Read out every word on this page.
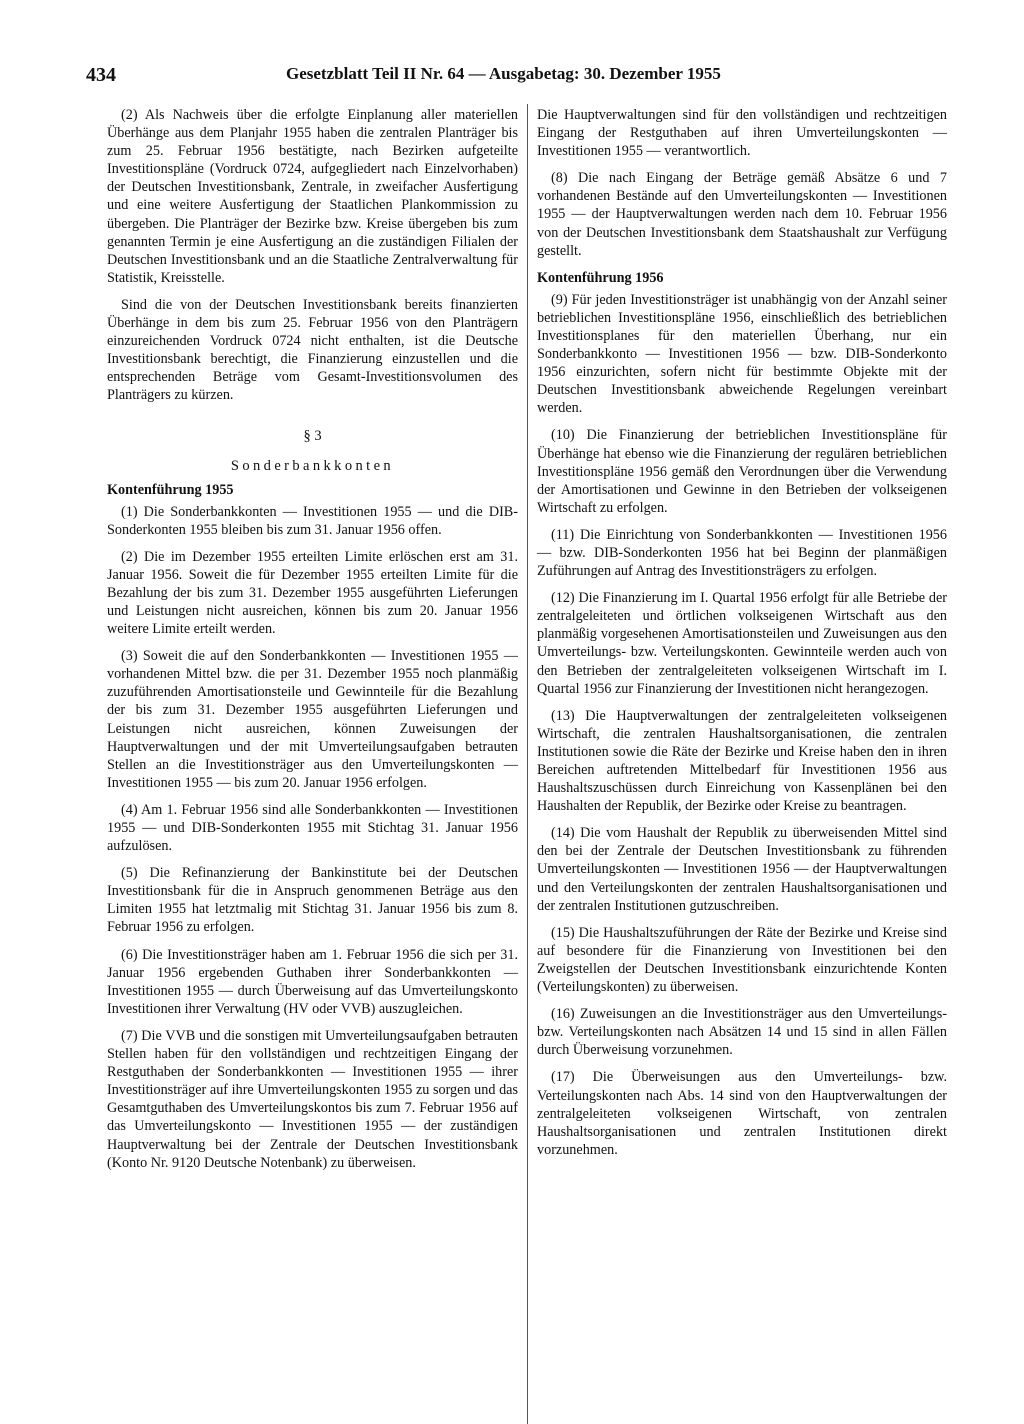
434	Gesetzblatt Teil II Nr. 64 — Ausgabetag: 30. Dezember 1955

(2) Als Nachweis über die erfolgte Einplanung aller materiellen Überhänge aus dem Planjahr 1955 haben die zentralen Planträger bis zum 25. Februar 1956 bestätigte, nach Bezirken aufgeteilte Investitionspläne (Vordruck 0724, aufgegliedert nach Einzelvorhaben) der Deutschen Investitionsbank, Zentrale, in zweifacher Ausfertigung und eine weitere Ausfertigung der Staatlichen Plankommission zu übergeben. Die Planträger der Bezirke bzw. Kreise übergeben bis zum genannten Termin je eine Ausfertigung an die zuständigen Filialen der Deutschen Investitionsbank und an die Staatliche Zentralverwaltung für Statistik, Kreisstelle.

Sind die von der Deutschen Investitionsbank bereits finanzierten Überhänge in dem bis zum 25. Februar 1956 von den Planträgern einzureichenden Vordruck 0724 nicht enthalten, ist die Deutsche Investitionsbank berechtigt, die Finanzierung einzustellen und die entsprechenden Beträge vom Gesamt-Investitionsvolumen des Planträgers zu kürzen.

§ 3
Sonderbankkonten
Kontenführung 1955

(1) Die Sonderbankkonten — Investitionen 1955 — und die DIB-Sonderkonten 1955 bleiben bis zum 31. Januar 1956 offen.

(2) Die im Dezember 1955 erteilten Limite erlöschen erst am 31. Januar 1956. Soweit die für Dezember 1955 erteilten Limite für die Bezahlung der bis zum 31. Dezember 1955 ausgeführten Lieferungen und Leistungen nicht ausreichen, können bis zum 20. Januar 1956 weitere Limite erteilt werden.

(3) Soweit die auf den Sonderbankkonten — Investitionen 1955 — vorhandenen Mittel bzw. die per 31. Dezember 1955 noch planmäßig zuzuführenden Amortisationsteile und Gewinnteile für die Bezahlung der bis zum 31. Dezember 1955 ausgeführten Lieferungen und Leistungen nicht ausreichen, können Zuweisungen der Hauptverwaltungen und der mit Umverteilungsaufgaben betrauten Stellen an die Investitionsträger aus den Umverteilungskonten — Investitionen 1955 — bis zum 20. Januar 1956 erfolgen.

(4) Am 1. Februar 1956 sind alle Sonderbankkonten — Investitionen 1955 — und DIB-Sonderkonten 1955 mit Stichtag 31. Januar 1956 aufzulösen.

(5) Die Refinanzierung der Bankinstitute bei der Deutschen Investitionsbank für die in Anspruch genommenen Beträge aus den Limiten 1955 hat letztmalig mit Stichtag 31. Januar 1956 bis zum 8. Februar 1956 zu erfolgen.

(6) Die Investitionsträger haben am 1. Februar 1956 die sich per 31. Januar 1956 ergebenden Guthaben ihrer Sonderbankkonten — Investitionen 1955 — durch Überweisung auf das Umverteilungskonto Investitionen ihrer Verwaltung (HV oder VVB) auszugleichen.

(7) Die VVB und die sonstigen mit Umverteilungsaufgaben betrauten Stellen haben für den vollständigen und rechtzeitigen Eingang der Restguthaben der Sonderbankkonten — Investitionen 1955 — ihrer Investitionsträger auf ihre Umverteilungskonten 1955 zu sorgen und das Gesamtguthaben des Umverteilungskontos bis zum 7. Februar 1956 auf das Umverteilungskonto — Investitionen 1955 — der zuständigen Hauptverwaltung bei der Zentrale der Deutschen Investitionsbank (Konto Nr. 9120 Deutsche Notenbank) zu überweisen.

Die Hauptverwaltungen sind für den vollständigen und rechtzeitigen Eingang der Restguthaben auf ihren Umverteilungskonten — Investitionen 1955 — verantwortlich.

(8) Die nach Eingang der Beträge gemäß Absätze 6 und 7 vorhandenen Bestände auf den Umverteilungskonten — Investitionen 1955 — der Hauptverwaltungen werden nach dem 10. Februar 1956 von der Deutschen Investitionsbank dem Staatshaushalt zur Verfügung gestellt.

Kontenführung 1956

(9) Für jeden Investitionsträger ist unabhängig von der Anzahl seiner betrieblichen Investitionspläne 1956, einschließlich des betrieblichen Investitionsplanes für den materiellen Überhang, nur ein Sonderbankkonto — Investitionen 1956 — bzw. DIB-Sonderkonto 1956 einzurichten, sofern nicht für bestimmte Objekte mit der Deutschen Investitionsbank abweichende Regelungen vereinbart werden.

(10) Die Finanzierung der betrieblichen Investitionspläne für Überhänge hat ebenso wie die Finanzierung der regulären betrieblichen Investitionspläne 1956 gemäß den Verordnungen über die Verwendung der Amortisationen und Gewinne in den Betrieben der volkseigenen Wirtschaft zu erfolgen.

(11) Die Einrichtung von Sonderbankkonten — Investitionen 1956 — bzw. DIB-Sonderkonten 1956 hat bei Beginn der planmäßigen Zuführungen auf Antrag des Investitionsträgers zu erfolgen.

(12) Die Finanzierung im I. Quartal 1956 erfolgt für alle Betriebe der zentralgeleiteten und örtlichen volkseigenen Wirtschaft aus den planmäßig vorgesehenen Amortisationsteilen und Zuweisungen aus den Umverteilungs- bzw. Verteilungskonten. Gewinnteile werden auch von den Betrieben der zentralgeleiteten volkseigenen Wirtschaft im I. Quartal 1956 zur Finanzierung der Investitionen nicht herangezogen.

(13) Die Hauptverwaltungen der zentralgeleiteten volkseigenen Wirtschaft, die zentralen Haushaltsorganisationen, die zentralen Institutionen sowie die Räte der Bezirke und Kreise haben den in ihren Bereichen auftretenden Mittelbedarf für Investitionen 1956 aus Haushaltszuschüssen durch Einreichung von Kassenplänen bei den Haushalten der Republik, der Bezirke oder Kreise zu beantragen.

(14) Die vom Haushalt der Republik zu überweisenden Mittel sind den bei der Zentrale der Deutschen Investitionsbank zu führenden Umverteilungskonten — Investitionen 1956 — der Hauptverwaltungen und den Verteilungskonten der zentralen Haushaltsorganisationen und der zentralen Institutionen gutzuschreiben.

(15) Die Haushaltszuführungen der Räte der Bezirke und Kreise sind auf besondere für die Finanzierung von Investitionen bei den Zweigstellen der Deutschen Investitionsbank einzurichtende Konten (Verteilungskonten) zu überweisen.

(16) Zuweisungen an die Investitionsträger aus den Umverteilungs- bzw. Verteilungskonten nach Absätzen 14 und 15 sind in allen Fällen durch Überweisung vorzunehmen.

(17) Die Überweisungen aus den Umverteilungs- bzw. Verteilungskonten nach Abs. 14 sind von den Hauptverwaltungen der zentralgeleiteten volkseigenen Wirtschaft, von zentralen Haushaltsorganisationen und zentralen Institutionen direkt vorzunehmen.
